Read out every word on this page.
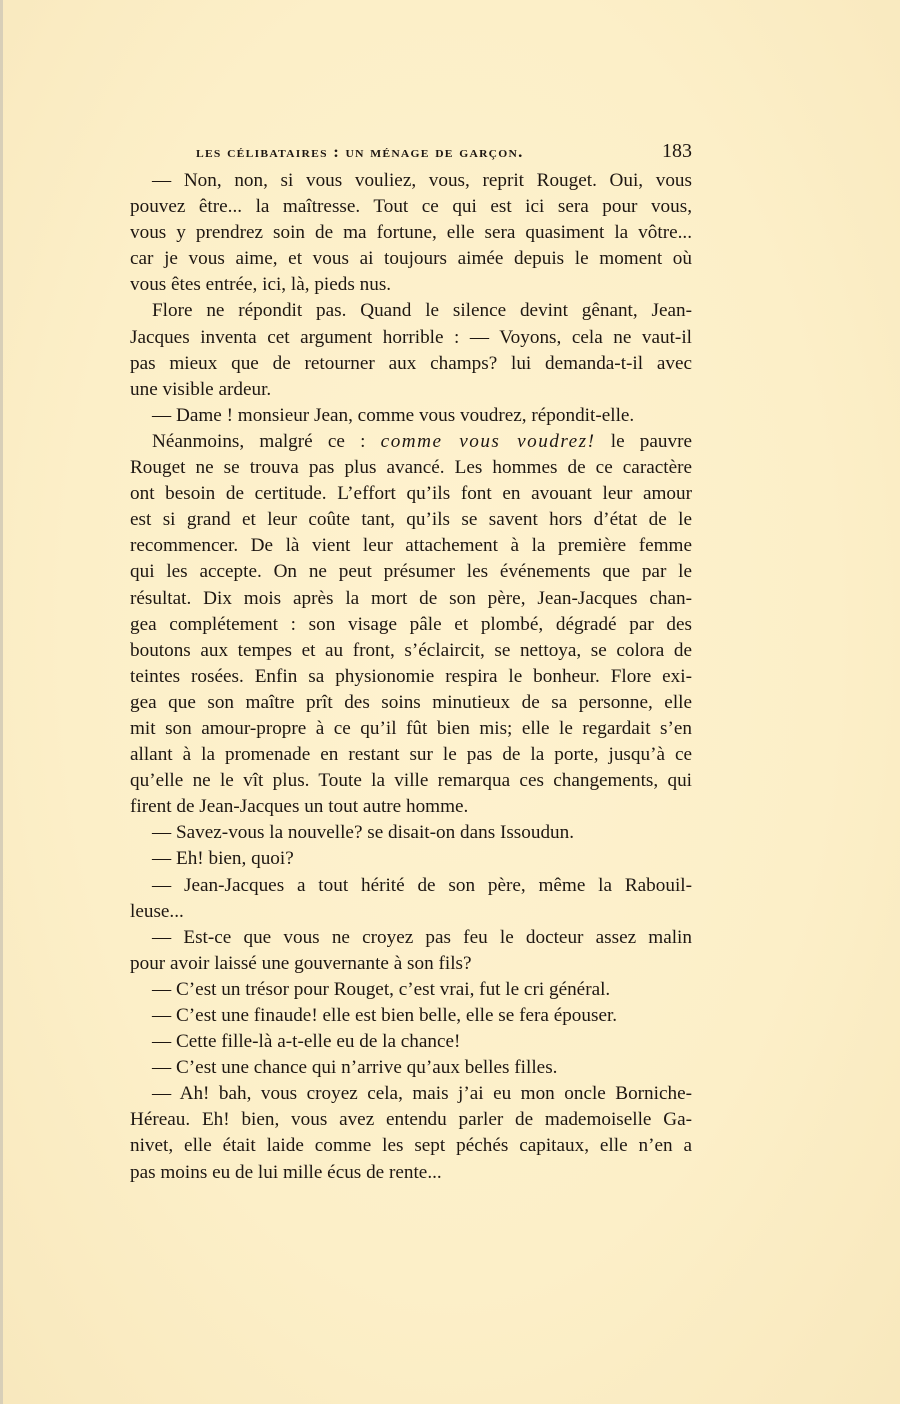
les célibataires : un ménage de garçon.	183
— Non, non, si vous vouliez, vous, reprit Rouget. Oui, vous
pouvez être... la maîtresse. Tout ce qui est ici sera pour vous,
vous y prendrez soin de ma fortune, elle sera quasiment la vôtre...
car je vous aime, et vous ai toujours aimée depuis le moment où
vous êtes entrée, ici, là, pieds nus.
Flore ne répondit pas. Quand le silence devint gênant, Jean-
Jacques inventa cet argument horrible : — Voyons, cela ne vaut-il
pas mieux que de retourner aux champs? lui demanda-t-il avec
une visible ardeur.
— Dame ! monsieur Jean, comme vous voudrez, répondit-elle.
Néanmoins, malgré ce : comme vous voudrez! le pauvre
Rouget ne se trouva pas plus avancé. Les hommes de ce caractère
ont besoin de certitude. L’effort qu’ils font en avouant leur amour
est si grand et leur coûte tant, qu’ils se savent hors d’état de le
recommencer. De là vient leur attachement à la première femme
qui les accepte. On ne peut présumer les événements que par le
résultat. Dix mois après la mort de son père, Jean-Jacques chan-
gea complétement : son visage pâle et plombé, dégradé par des
boutons aux tempes et au front, s’éclaircit, se nettoya, se colora de
teintes rosées. Enfin sa physionomie respira le bonheur. Flore exi-
gea que son maître prît des soins minutieux de sa personne, elle
mit son amour-propre à ce qu’il fût bien mis; elle le regardait s’en
allant à la promenade en restant sur le pas de la porte, jusqu’à ce
qu’elle ne le vît plus. Toute la ville remarqua ces changements, qui
firent de Jean-Jacques un tout autre homme.
— Savez-vous la nouvelle? se disait-on dans Issoudun.
— Eh! bien, quoi?
— Jean-Jacques a tout hérité de son père, même la Rabouil-
leuse...
— Est-ce que vous ne croyez pas feu le docteur assez malin
pour avoir laissé une gouvernante à son fils?
— C’est un trésor pour Rouget, c’est vrai, fut le cri général.
— C’est une finaude! elle est bien belle, elle se fera épouser.
— Cette fille-là a-t-elle eu de la chance!
— C’est une chance qui n’arrive qu’aux belles filles.
— Ah! bah, vous croyez cela, mais j’ai eu mon oncle Borniche-
Héreau. Eh! bien, vous avez entendu parler de mademoiselle Ga-
nivet, elle était laide comme les sept péchés capitaux, elle n’en a
pas moins eu de lui mille écus de rente...
